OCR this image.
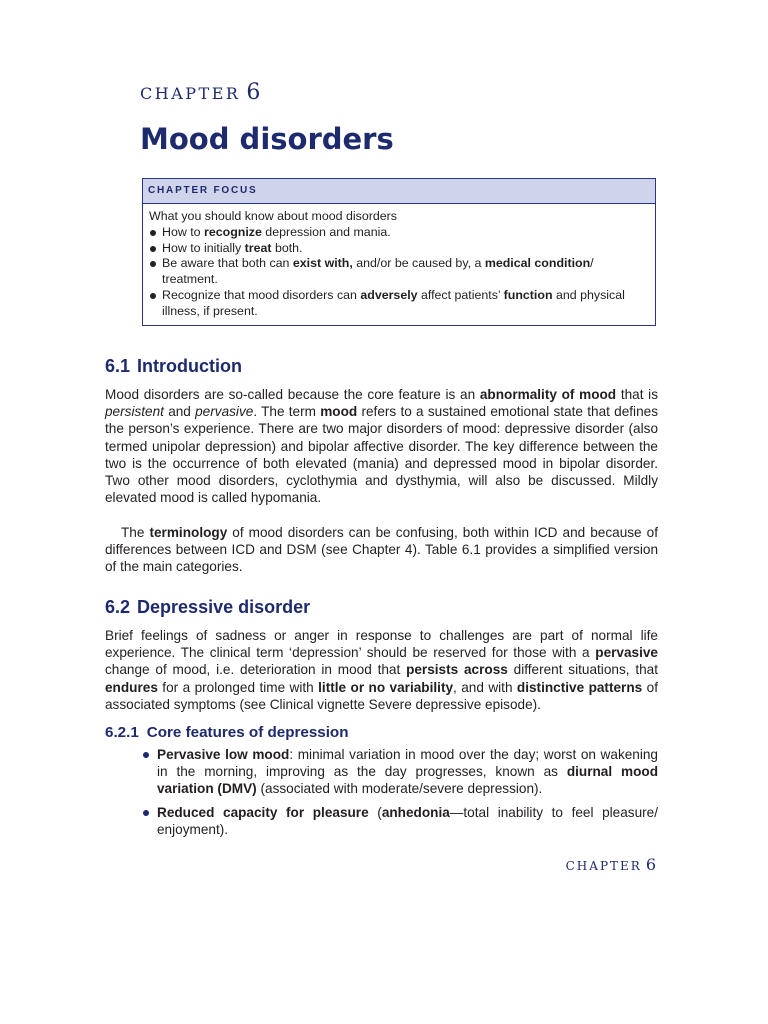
CHAPTER 6
Mood disorders
CHAPTER FOCUS
What you should know about mood disorders
How to recognize depression and mania.
How to initially treat both.
Be aware that both can exist with, and/or be caused by, a medical condition/ treatment.
Recognize that mood disorders can adversely affect patients’ function and physical illness, if present.
6.1 Introduction

Mood disorders are so-called because the core feature is an abnormality of mood that is persistent and pervasive. The term mood refers to a sustained emotional state that defines the person’s experience. There are two major disorders of mood: depressive disorder (also termed unipolar depression) and bipolar affective disorder. The key difference between the two is the occurrence of both elevated (mania) and depressed mood in bipolar disorder. Two other mood disorders, cyclothymia and dysthymia, will also be discussed. Mildly elevated mood is called hypomania.

The terminology of mood disorders can be confusing, both within ICD and because of differences between ICD and DSM (see Chapter 4). Table 6.1 provides a simplified version of the main categories.

6.2 Depressive disorder

Brief feelings of sadness or anger in response to challenges are part of normal life experience. The clinical term ‘depression’ should be reserved for those with a pervasive change of mood, i.e. deterioration in mood that persists across different situations, that endures for a prolonged time with little or no variability, and with distinctive patterns of associated symptoms (see Clinical vignette Severe depressive episode).

6.2.1 Core features of depression
Pervasive low mood: minimal variation in mood over the day; worst on wakening in the morning, improving as the day progresses, known as diurnal mood variation (DMV) (associated with moderate/severe depression).
Reduced capacity for pleasure (anhedonia—total inability to feel pleasure/ enjoyment).
CHAPTER 6
